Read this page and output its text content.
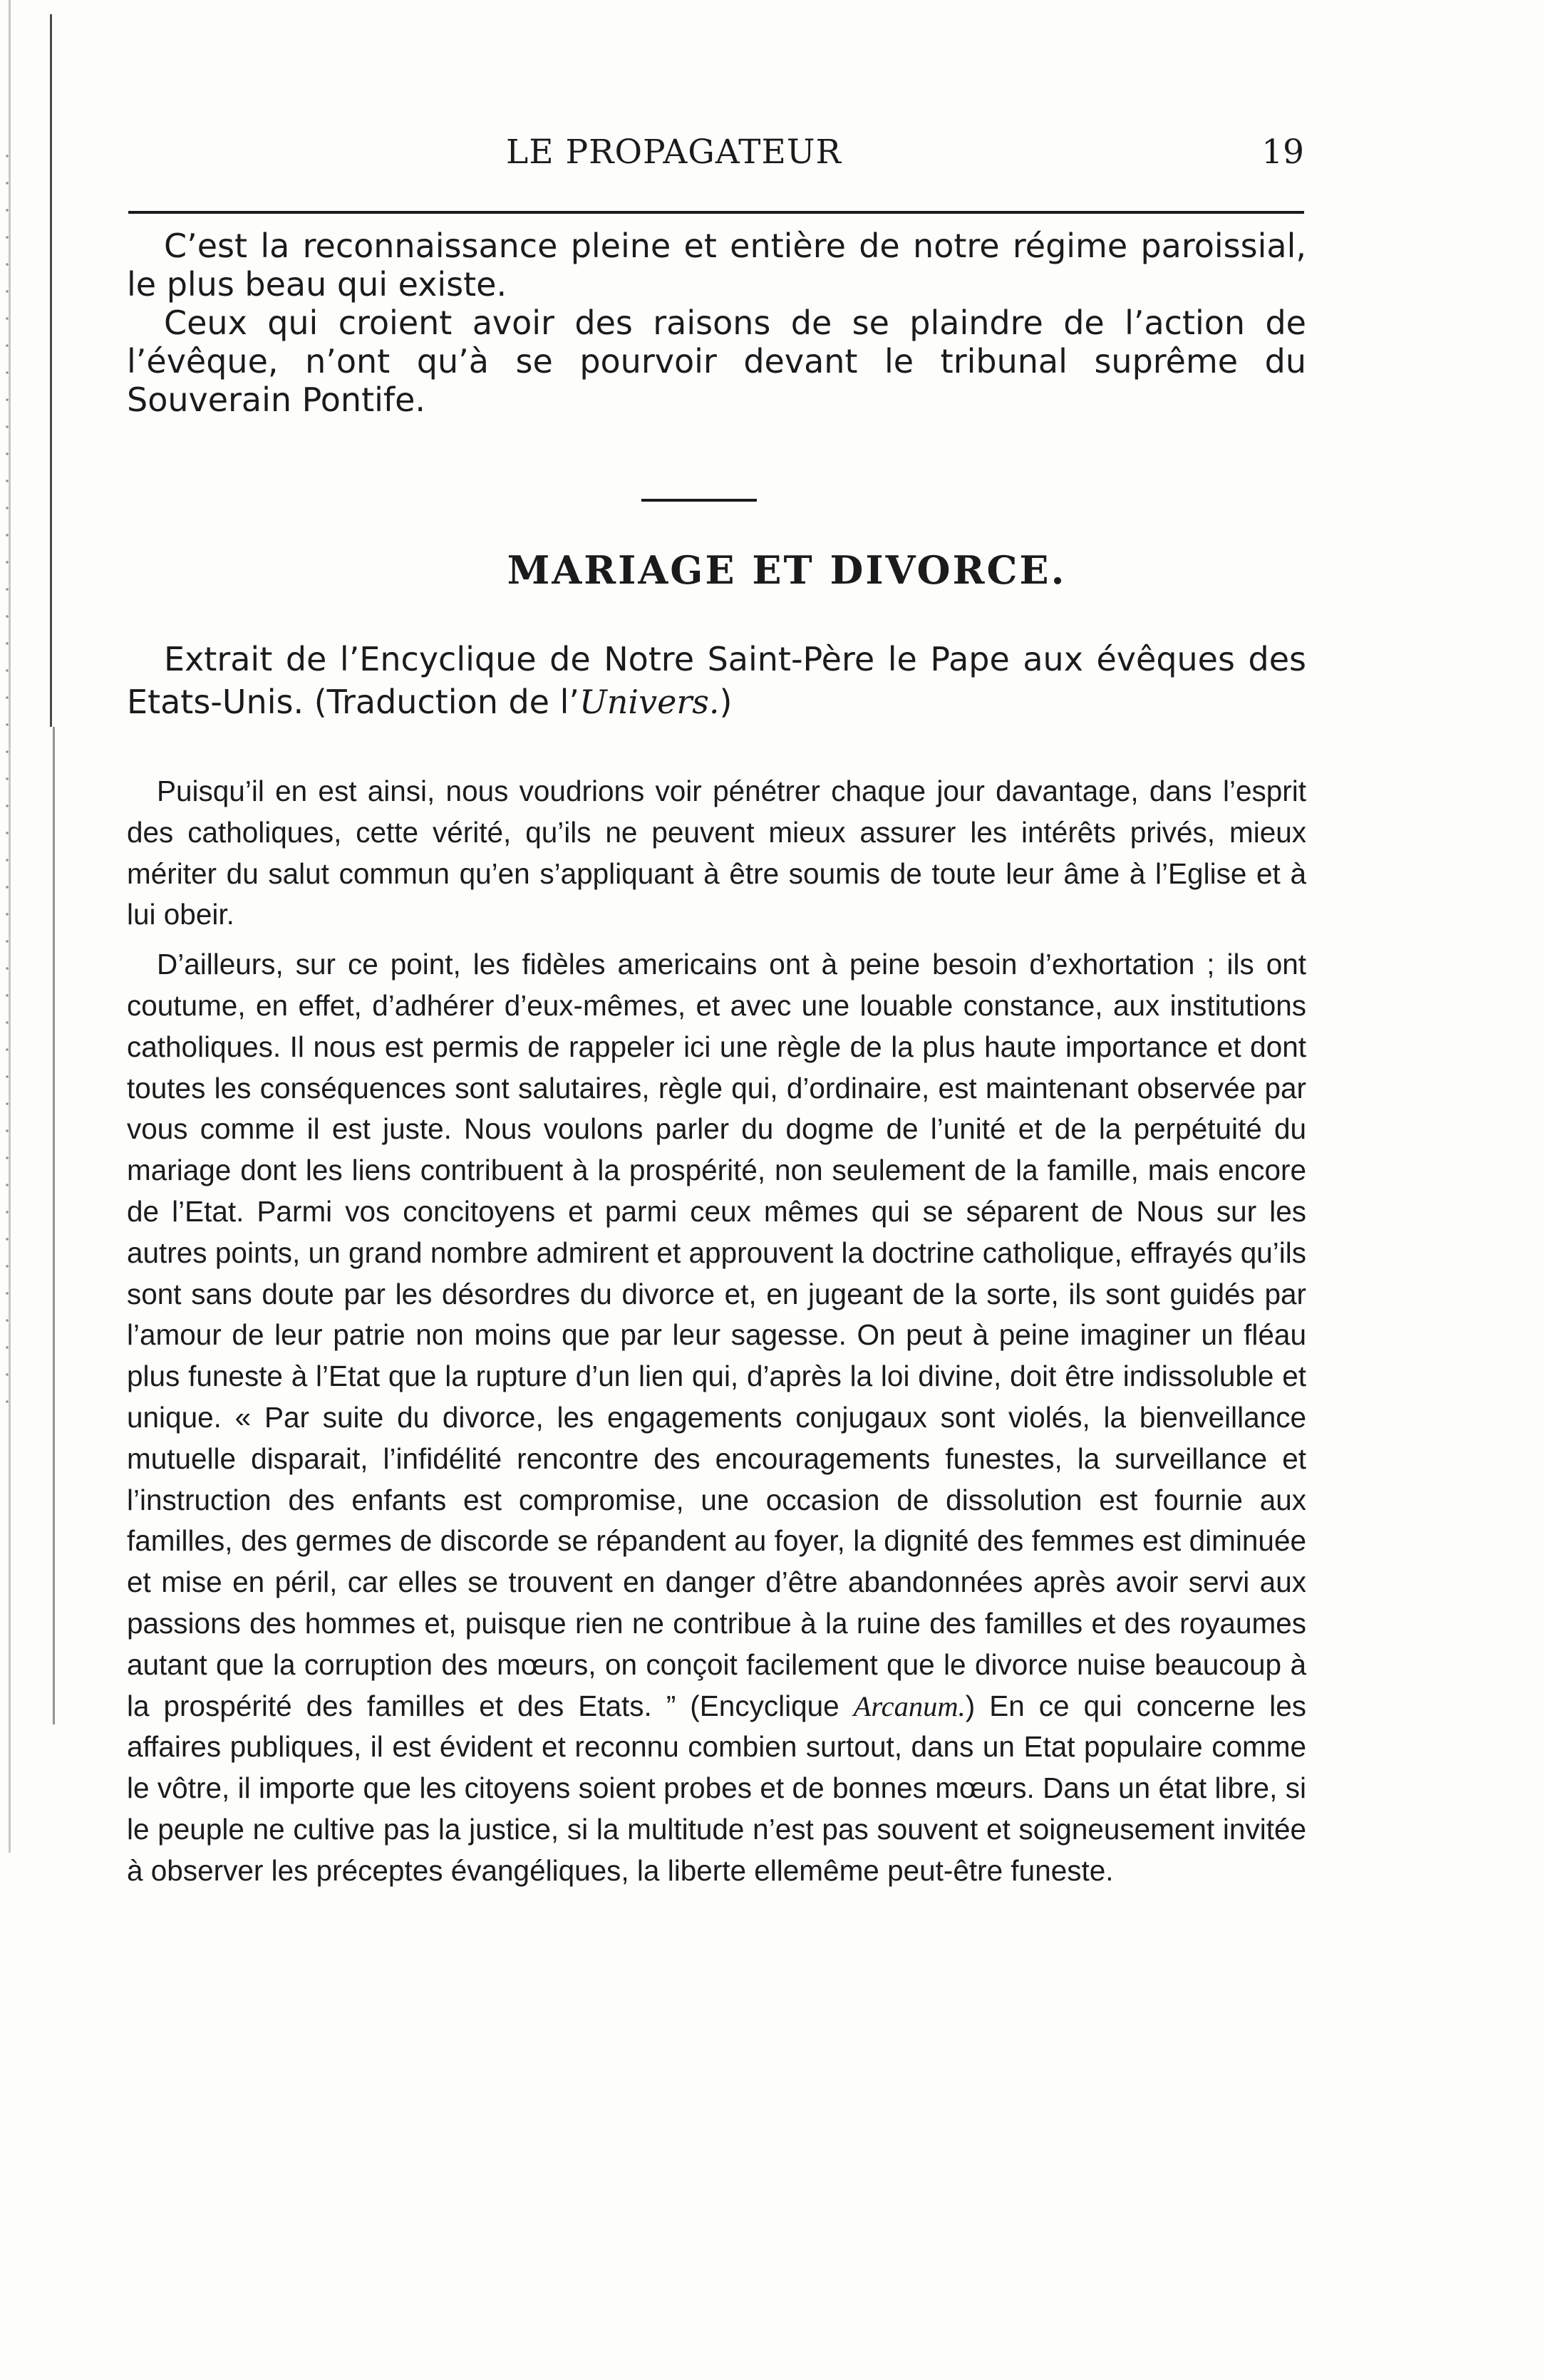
LE PROPAGATEUR	19

C’est la reconnaissance pleine et entière de notre régime paroissial, le plus beau qui existe.

Ceux qui croient avoir des raisons de se plaindre de l’action de l’évêque, n’ont qu’à se pourvoir devant le tribunal suprême du Souverain Pontife.

MARIAGE ET DIVORCE.

Extrait de l’Encyclique de Notre Saint-Père le Pape aux évêques des Etats-Unis. (Traduction de l’Univers.)

Puisqu’il en est ainsi, nous voudrions voir pénétrer chaque jour davantage, dans l’esprit des catholiques, cette vérité, qu’ils ne peuvent mieux assurer les intérêts privés, mieux mériter du salut commun qu’en s’appliquant à être soumis de toute leur âme à l’Eglise et à lui obeir.

D’ailleurs, sur ce point, les fidèles americains ont à peine besoin d’exhortation ; ils ont coutume, en effet, d’adhérer d’eux-mêmes, et avec une louable constance, aux institutions catholiques. Il nous est permis de rappeler ici une règle de la plus haute importance et dont toutes les conséquences sont salutaires, règle qui, d’ordinaire, est maintenant observée par vous comme il est juste. Nous voulons parler du dogme de l’unité et de la perpétuité du mariage dont les liens contribuent à la prospérité, non seulement de la famille, mais encore de l’Etat. Parmi vos concitoyens et parmi ceux mêmes qui se séparent de Nous sur les autres points, un grand nombre admirent et approuvent la doctrine catholique, effrayés qu’ils sont sans doute par les désordres du divorce et, en jugeant de la sorte, ils sont guidés par l’amour de leur patrie non moins que par leur sagesse. On peut à peine imaginer un fléau plus funeste à l’Etat que la rupture d’un lien qui, d’après la loi divine, doit être indissoluble et unique. « Par suite du divorce, les engagements conjugaux sont violés, la bienveillance mutuelle disparait, l’infidélité rencontre des encouragements funestes, la surveillance et l’instruction des enfants est compromise, une occasion de dissolution est fournie aux familles, des germes de discorde se répandent au foyer, la dignité des femmes est diminuée et mise en péril, car elles se trouvent en danger d’être abandonnées après avoir servi aux passions des hommes et, puisque rien ne contribue à la ruine des familles et des royaumes autant que la corruption des mœurs, on conçoit facilement que le divorce nuise beaucoup à la prospérité des familles et des Etats. ” (Encyclique Arcanum.) En ce qui concerne les affaires publiques, il est évident et reconnu combien surtout, dans un Etat populaire comme le vôtre, il importe que les citoyens soient probes et de bonnes mœurs. Dans un état libre, si le peuple ne cultive pas la justice, si la multitude n’est pas souvent et soigneusement invitée à observer les préceptes évangéliques, la liberte ellemême peut-être funeste.
